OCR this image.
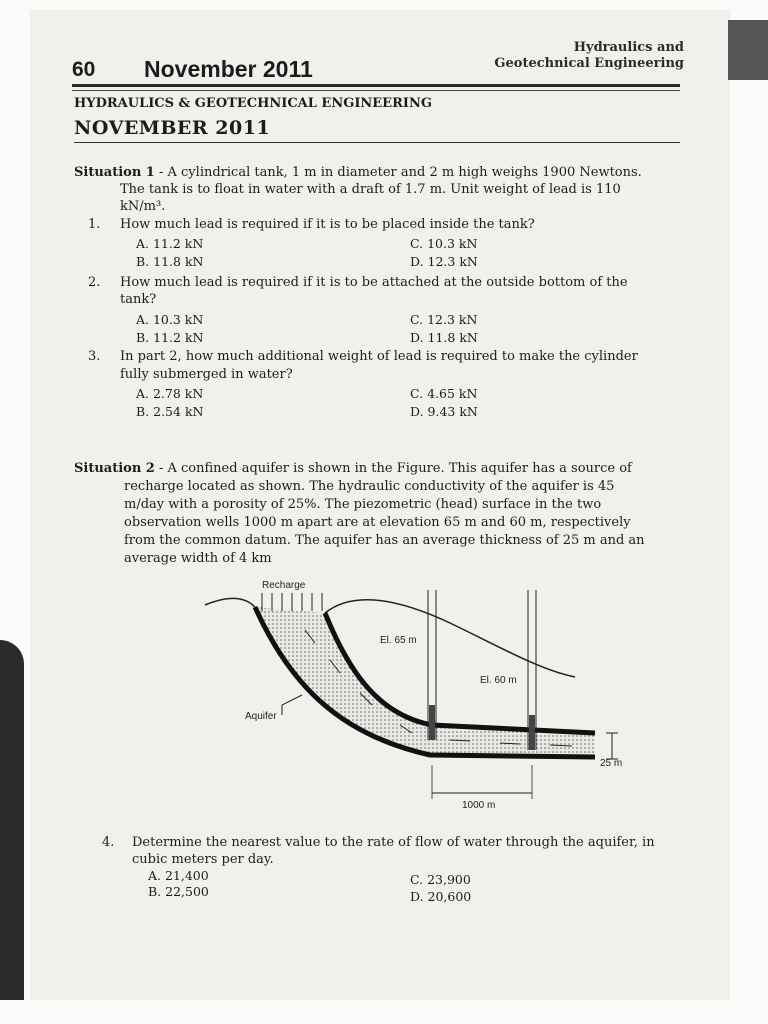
60 November 2011
Hydraulics and
Geotechnical Engineering
HYDRAULICS & GEOTECHNICAL ENGINEERING
NOVEMBER 2011
Situation 1 - A cylindrical tank, 1 m in diameter and 2 m high weighs 1900 Newtons.
The tank is to float in water with a draft of 1.7 m. Unit weight of lead is 110
kN/m³.
1. How much lead is required if it is to be placed inside the tank?
A. 11.2 kN
B. 11.8 kN
C. 10.3 kN
D. 12.3 kN
2. How much lead is required if it is to be attached at the outside bottom of the
tank?
A. 10.3 kN
B. 11.2 kN
C. 12.3 kN
D. 11.8 kN
3. In part 2, how much additional weight of lead is required to make the cylinder
fully submerged in water?
A. 2.78 kN
B. 2.54 kN
C. 4.65 kN
D. 9.43 kN
Situation 2 - A confined aquifer is shown in the Figure. This aquifer has a source of
recharge located as shown. The hydraulic conductivity of the aquifer is 45
m/day with a porosity of 25%. The piezometric (head) surface in the two
observation wells 1000 m apart are at elevation 65 m and 60 m, respectively
from the common datum. The aquifer has an average thickness of 25 m and an
average width of 4 km
Recharge
El. 65 m
El. 60 m
Aquifer
25 m
1000 m
4. Determine the nearest value to the rate of flow of water through the aquifer, in
cubic meters per day.
A. 21,400
B. 22,500
C. 23,900
D. 20,600
